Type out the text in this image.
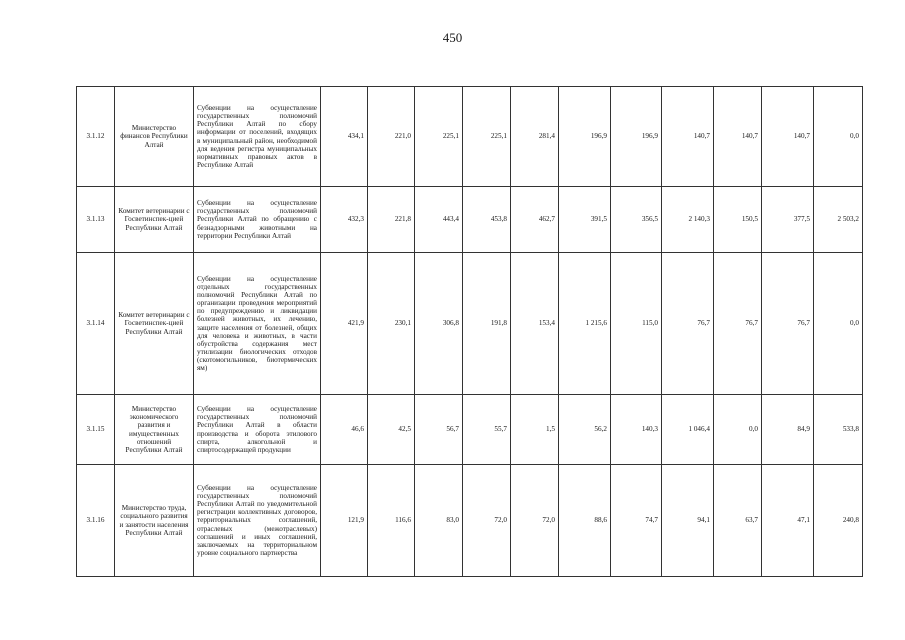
450
3.1.12	Министерство финансов Республики Алтай	Субвенции на осуществление государственных полномочий Республики Алтай по сбору информации от поселений, входящих в муниципальный район, необходимой для ведения регистра муниципальных нормативных правовых актов в Республике Алтай	434,1	221,0	225,1	225,1	281,4	196,9	196,9	140,7	140,7	140,7	0,0
3.1.13	Комитет ветеринарии с Госветинспек-цией Республики Алтай	Субвенции на осуществление государственных полномочий Республики Алтай по обращению с безнадзорными животными на территории Республики Алтай	432,3	221,8	443,4	453,8	462,7	391,5	356,5	2 140,3	150,5	377,5	2 503,2
3.1.14	Комитет ветеринарии с Госветинспек-цией Республики Алтай	Субвенции на осуществление отдельных государственных полномочий Республики Алтай по организации проведения мероприятий по предупреждению и ликвидации болезней животных, их лечению, защите населения от болезней, общих для человека и животных, в части обустройства содержания мест утилизации биологических отходов (скотомогильников, биотермических ям)	421,9	230,1	306,8	191,8	153,4	1 215,6	115,0	76,7	76,7	76,7	0,0
3.1.15	Министерство экономического развития и имущественных отношений Республики Алтай	Субвенции на осуществление государственных полномочий Республики Алтай в области производства и оборота этилового спирта, алкогольной и спиртосодержащей продукции	46,6	42,5	56,7	55,7	1,5	56,2	140,3	1 046,4	0,0	84,9	533,8
3.1.16	Министерство труда, социального развития и занятости населения Республики Алтай	Субвенции на осуществление государственных полномочий Республики Алтай по уведомительной регистрации коллективных договоров, территориальных соглашений, отраслевых (межотраслевых) соглашений и иных соглашений, заключаемых на территориальном уровне социального партнерства	121,9	116,6	83,0	72,0	72,0	88,6	74,7	94,1	63,7	47,1	240,8
